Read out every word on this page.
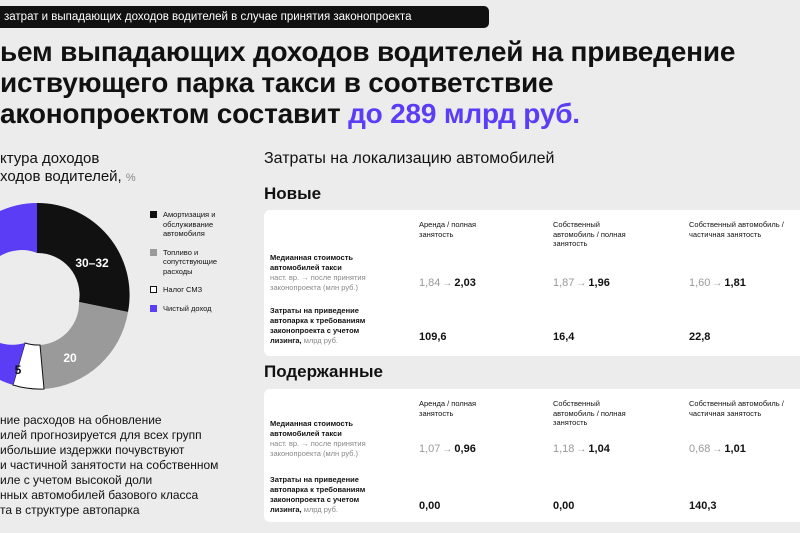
затрат и выпадающих доходов водителей в случае принятия законопроекта
ьем выпадающих доходов водителей на приведение
иствующего парка такси в соответствие
аконопроектом составит до 289 млрд руб.
ктура доходов
ходов водителей, %
30–32
20
5
Амортизация и обслуживание автомобиля
Топливо и сопутствующие расходы
Налог СМЗ
Чистый доход
ние расходов на обновление
илей прогнозируется для всех групп
ибольшие издержки почувствуют
и частичной занятости на собственном
иле с учетом высокой доли
нных автомобилей базового класса
та в структуре автопарка
Затраты на локализацию автомобилей
Новые
Аренда / полная занятость
Собственный автомобиль / полная занятость
Собственный автомобиль / частичная занятость
Медианная стоимость автомобилей такси
наст. вр. → после принятия законопроекта (млн руб.)	1,84 → 2,03	1,87 → 1,96	1,60 → 1,81
Затраты на приведение автопарка к требованиям законопроекта с учетом лизинга, млрд руб.	109,6	16,4	22,8
Подержанные
Аренда / полная занятость
Собственный автомобиль / полная занятость
Собственный автомобиль / частичная занятость
Медианная стоимость автомобилей такси
наст. вр. → после принятия законопроекта (млн руб.)	1,07 → 0,96	1,18 → 1,04	0,68 → 1,01
Затраты на приведение автопарка к требованиям законопроекта с учетом лизинга, млрд руб.	0,00	0,00	140,3
